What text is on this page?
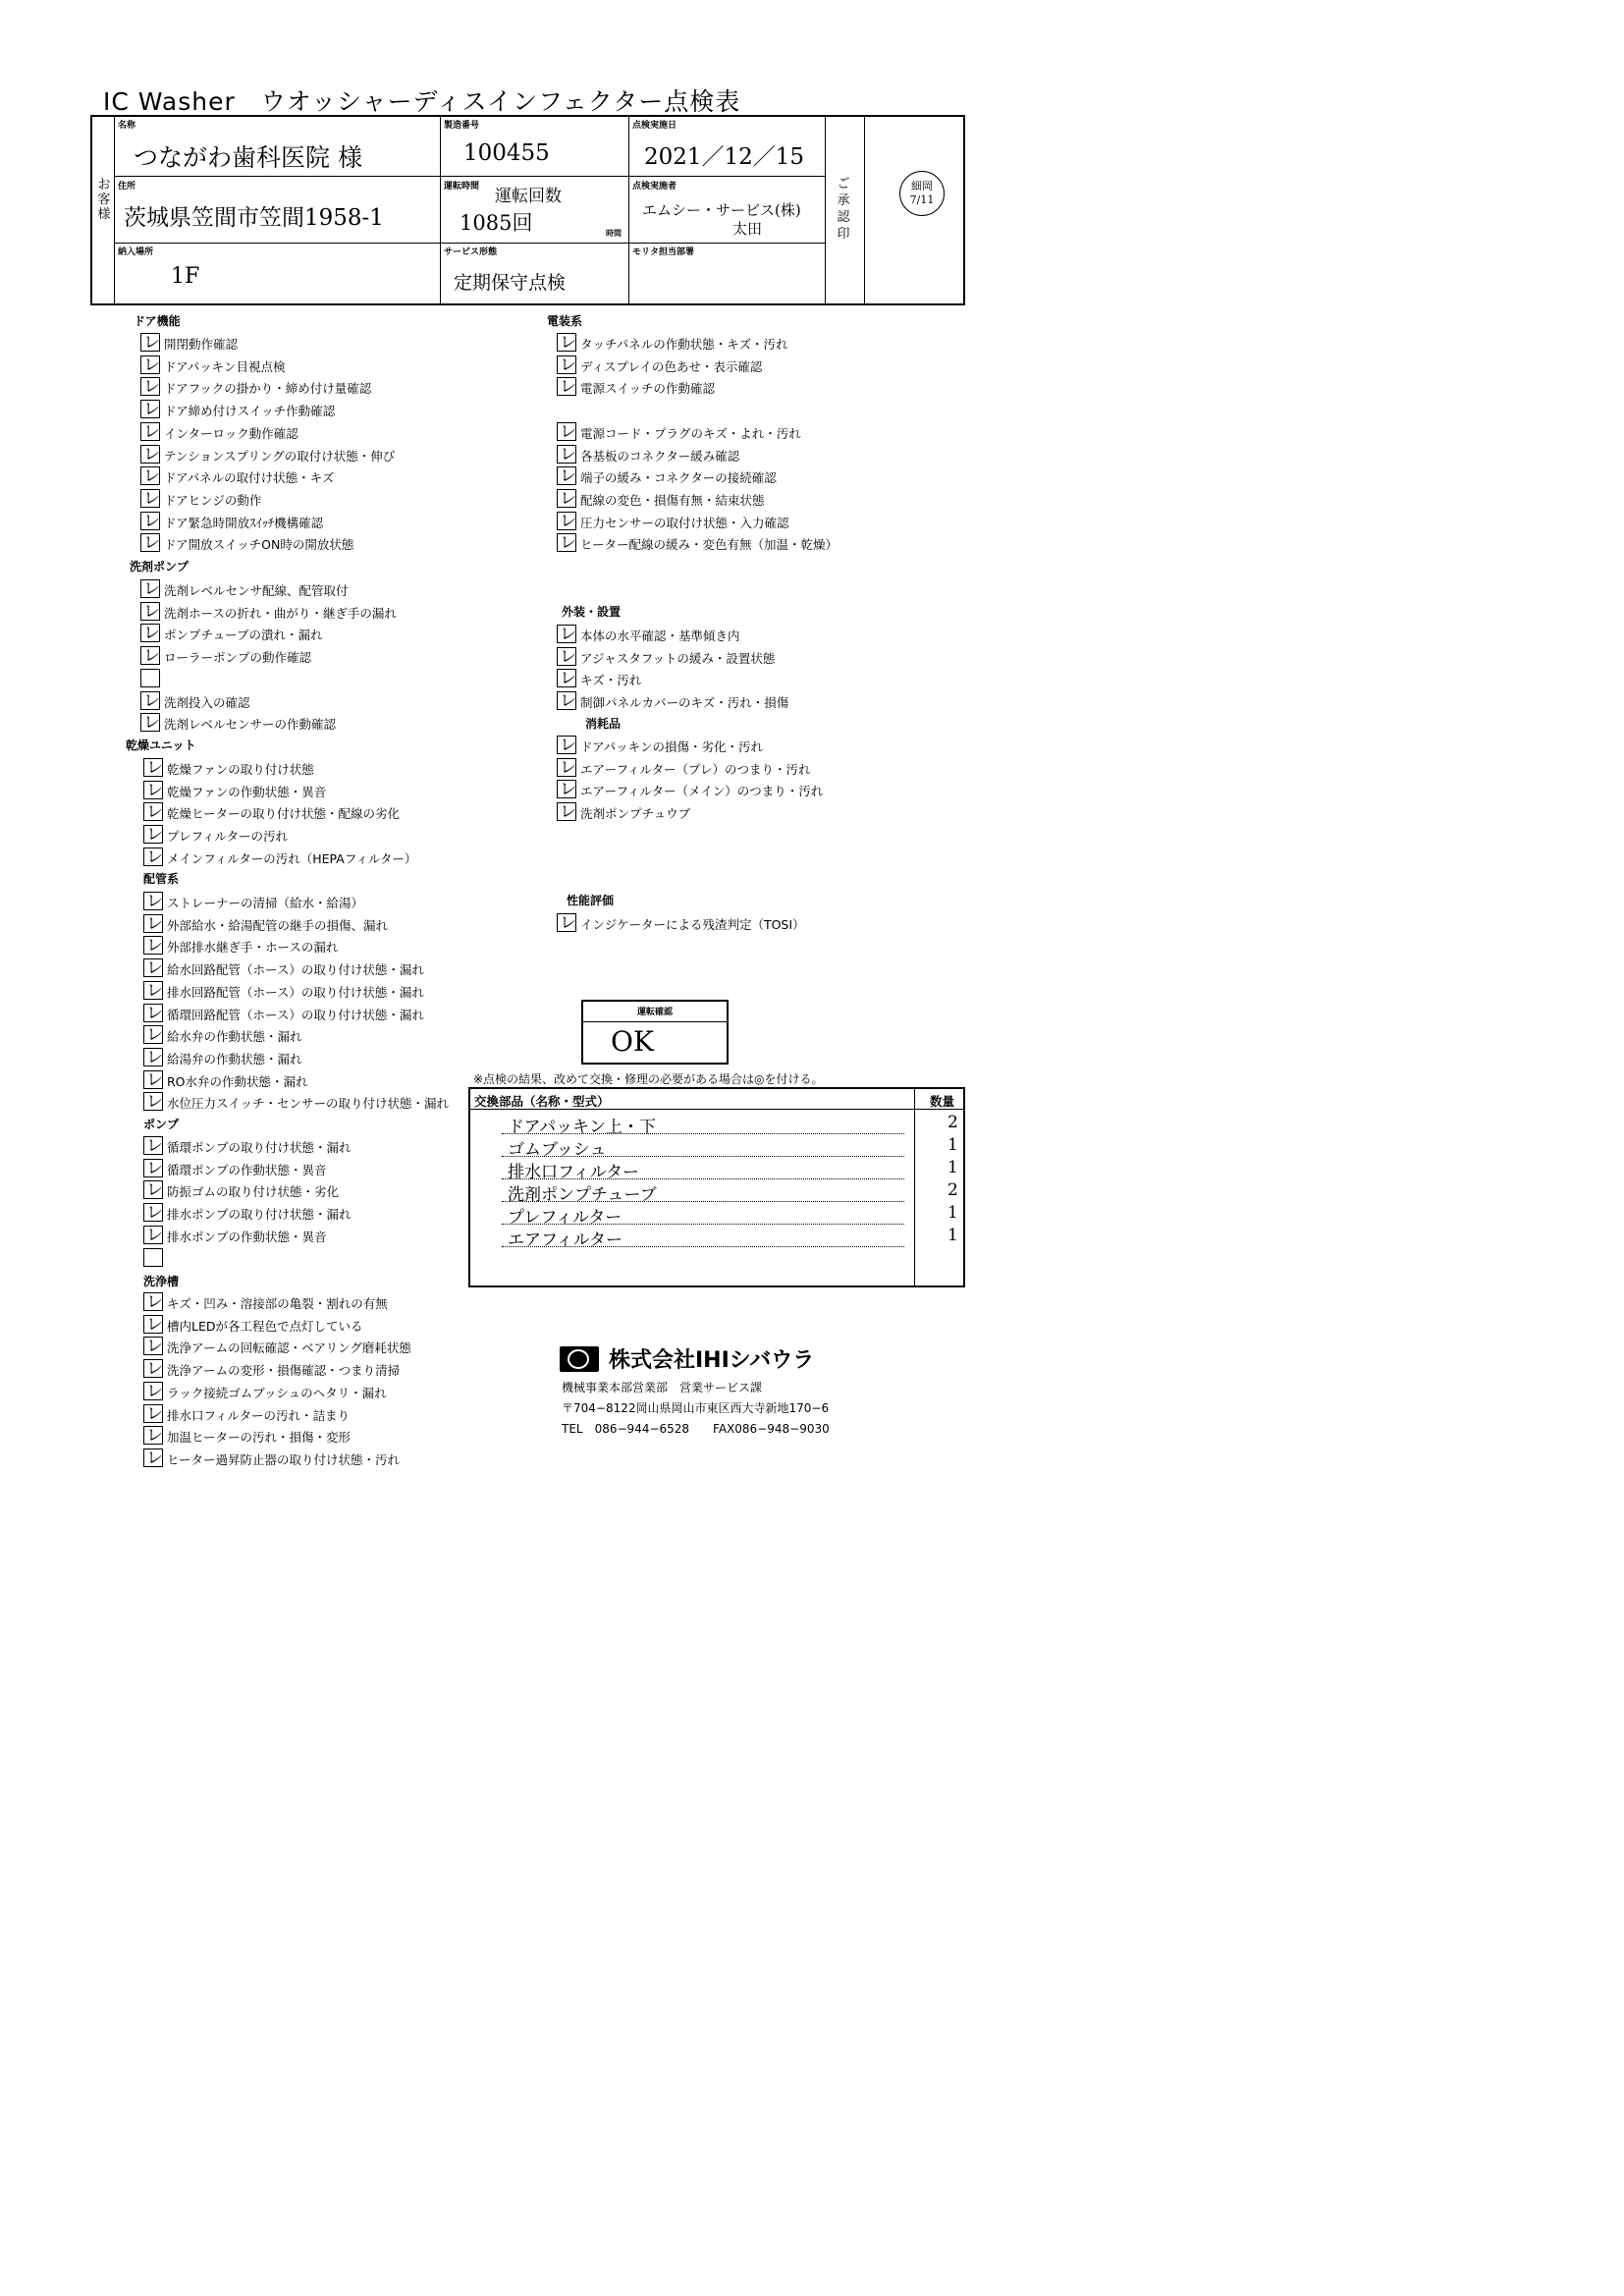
IC Washer　ウオッシャーディスインフェクター点検表
お客様
名称
つながわ歯科医院 様
製造番号
100455
点検実施日
2021／12／15
住所
茨城県笠間市笠間1958-1
運転時間 運転回数
1085回	時間
点検実施者
エムシー・サービス(株)
太田
納入場所
1F
サービス形態
定期保守点検
モリタ担当部署
ご承認印
細岡
7/11
ドア機能
レ 開閉動作確認
レ ドアパッキン目視点検
レ ドアフックの掛かり・締め付け量確認
レ ドア締め付けスイッチ作動確認
レ インターロック動作確認
レ テンションスプリングの取付け状態・伸び
レ ドアパネルの取付け状態・キズ
レ ドアヒンジの動作
レ ドア緊急時開放ｽｲｯﾁ機構確認
レ ドア開放スイッチON時の開放状態
洗剤ポンプ
レ 洗剤レベルセンサ配線、配管取付
レ 洗剤ホースの折れ・曲がり・継ぎ手の漏れ
レ ポンプチューブの潰れ・漏れ
レ ローラーポンプの動作確認
レ 洗剤投入の確認
レ 洗剤レベルセンサーの作動確認
乾燥ユニット
レ 乾燥ファンの取り付け状態
レ 乾燥ファンの作動状態・異音
レ 乾燥ヒーターの取り付け状態・配線の劣化
レ プレフィルターの汚れ
レ メインフィルターの汚れ（HEPAフィルター）
配管系
レ ストレーナーの清掃（給水・給湯）
レ 外部給水・給湯配管の継手の損傷、漏れ
レ 外部排水継ぎ手・ホースの漏れ
レ 給水回路配管（ホース）の取り付け状態・漏れ
レ 排水回路配管（ホース）の取り付け状態・漏れ
レ 循環回路配管（ホース）の取り付け状態・漏れ
レ 給水弁の作動状態・漏れ
レ 給湯弁の作動状態・漏れ
レ RO水弁の作動状態・漏れ
レ 水位圧力スイッチ・センサーの取り付け状態・漏れ
ポンプ
レ 循環ポンプの取り付け状態・漏れ
レ 循環ポンプの作動状態・異音
レ 防振ゴムの取り付け状態・劣化
レ 排水ポンプの取り付け状態・漏れ
レ 排水ポンプの作動状態・異音
洗浄槽
レ キズ・凹み・溶接部の亀裂・割れの有無
レ 槽内LEDが各工程色で点灯している
レ 洗浄アームの回転確認・ベアリング磨耗状態
レ 洗浄アームの変形・損傷確認・つまり清掃
レ ラック接続ゴムブッシュのヘタリ・漏れ
レ 排水口フィルターの汚れ・詰まり
レ 加温ヒーターの汚れ・損傷・変形
レ ヒーター過昇防止器の取り付け状態・汚れ
電装系
レ タッチパネルの作動状態・キズ・汚れ
レ ディスプレイの色あせ・表示確認
レ 電源スイッチの作動確認
レ 電源コード・プラグのキズ・よれ・汚れ
レ 各基板のコネクター緩み確認
レ 端子の緩み・コネクターの接続確認
レ 配線の変色・損傷有無・結束状態
レ 圧力センサーの取付け状態・入力確認
レ ヒーター配線の緩み・変色有無（加温・乾燥）
外装・設置
レ 本体の水平確認・基準傾き内
レ アジャスタフットの緩み・設置状態
レ キズ・汚れ
レ 制御パネルカバーのキズ・汚れ・損傷
消耗品
レ ドアパッキンの損傷・劣化・汚れ
レ エアーフィルター（プレ）のつまり・汚れ
レ エアーフィルター（メイン）のつまり・汚れ
レ 洗剤ポンプチュウブ
性能評価
レ インジケーターによる残渣判定（TOSI）
運転確認
OK
※点検の結果、改めて交換・修理の必要がある場合は◎を付ける。
交換部品（名称・型式）	数量
ドアパッキン上・下	2
ゴムブッシュ	1
排水口フィルター	1
洗剤ポンプチューブ	2
プレフィルター	1
エアフィルター	1
株式会社IHIシバウラ
機械事業本部営業部　営業サービス課
〒704−8122岡山県岡山市東区西大寺新地170−6
TEL　086−944−6528　　FAX086−948−9030
